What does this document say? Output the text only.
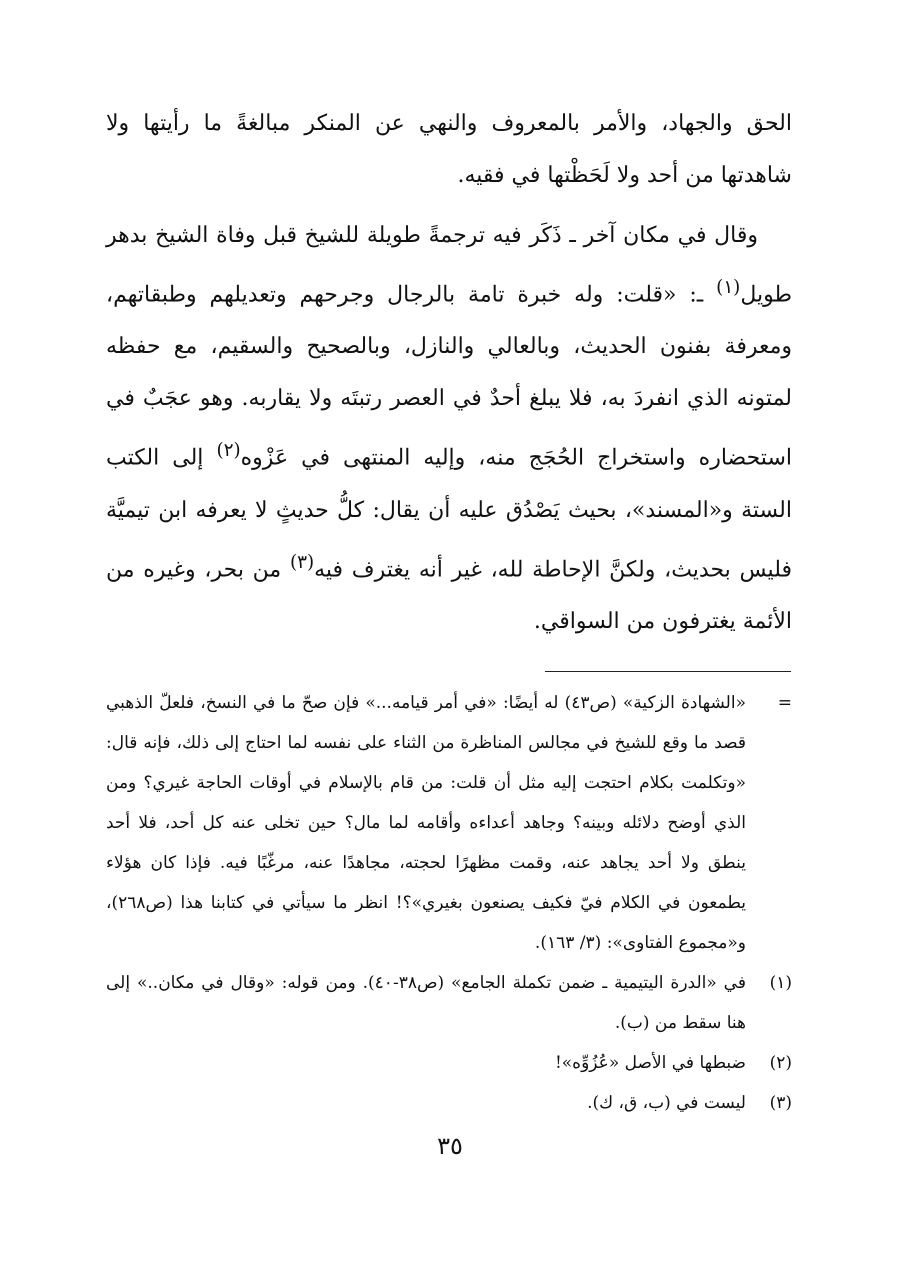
الحق والجهاد، والأمر بالمعروف والنهي عن المنكر مبالغةً ما رأيتها ولا شاهدتها من أحد ولا لَحَظْتها في فقيه.

وقال في مكان آخر ـ ذَكَر فيه ترجمةً طويلة للشيخ قبل وفاة الشيخ بدهر طويل$^{(١)}$ ـ: «قلت: وله خبرة تامة بالرجال وجرحهم وتعديلهم وطبقاتهم، ومعرفة بفنون الحديث، وبالعالي والنازل، وبالصحيح والسقيم، مع حفظه لمتونه الذي انفردَ به، فلا يبلغ أحدٌ في العصر رتبتَه ولا يقاربه. وهو عجَبٌ في استحضاره واستخراج الحُجَج منه، وإليه المنتهى في عَزْوه$^{(٢)}$ إلى الكتب الستة و«المسند»، بحيث يَصْدُق عليه أن يقال: كلُّ حديثٍ لا يعرفه ابن تيميَّة فليس بحديث، ولكنَّ الإحاطة لله، غير أنه يغترف فيه$^{(٣)}$ من بحر، وغيره من الأئمة يغترفون من السواقي.

=
«الشهادة الزكية» (ص٤٣) له أيضًا: «في أمر قيامه...» فإن صحّ ما في النسخ، فلعلّ الذهبي قصد ما وقع للشيخ في مجالس المناظرة من الثناء على نفسه لما احتاج إلى ذلك، فإنه قال: «وتكلمت بكلام احتجت إليه مثل أن قلت: من قام بالإسلام في أوقات الحاجة غيري؟ ومن الذي أوضح دلائله وبينه؟ وجاهد أعداءه وأقامه لما مال؟ حين تخلى عنه كل أحد، فلا أحد ينطق ولا أحد يجاهد عنه، وقمت مظهرًا لحجته، مجاهدًا عنه، مرغّبًا فيه. فإذا كان هؤلاء يطمعون في الكلام فيّ فكيف يصنعون بغيري»؟! انظر ما سيأتي في كتابنا هذا (ص٢٦٨)، و«مجموع الفتاوى»: (٣/ ١٦٣).
(١)
في «الدرة اليتيمية ـ ضمن تكملة الجامع» (ص٣٨-٤٠). ومن قوله: «وقال في مكان..» إلى هنا سقط من (ب).
(٢)
ضبطها في الأصل «عُزُوِّه»!
(٣)
ليست في (ب، ق، ك).
٣٥
